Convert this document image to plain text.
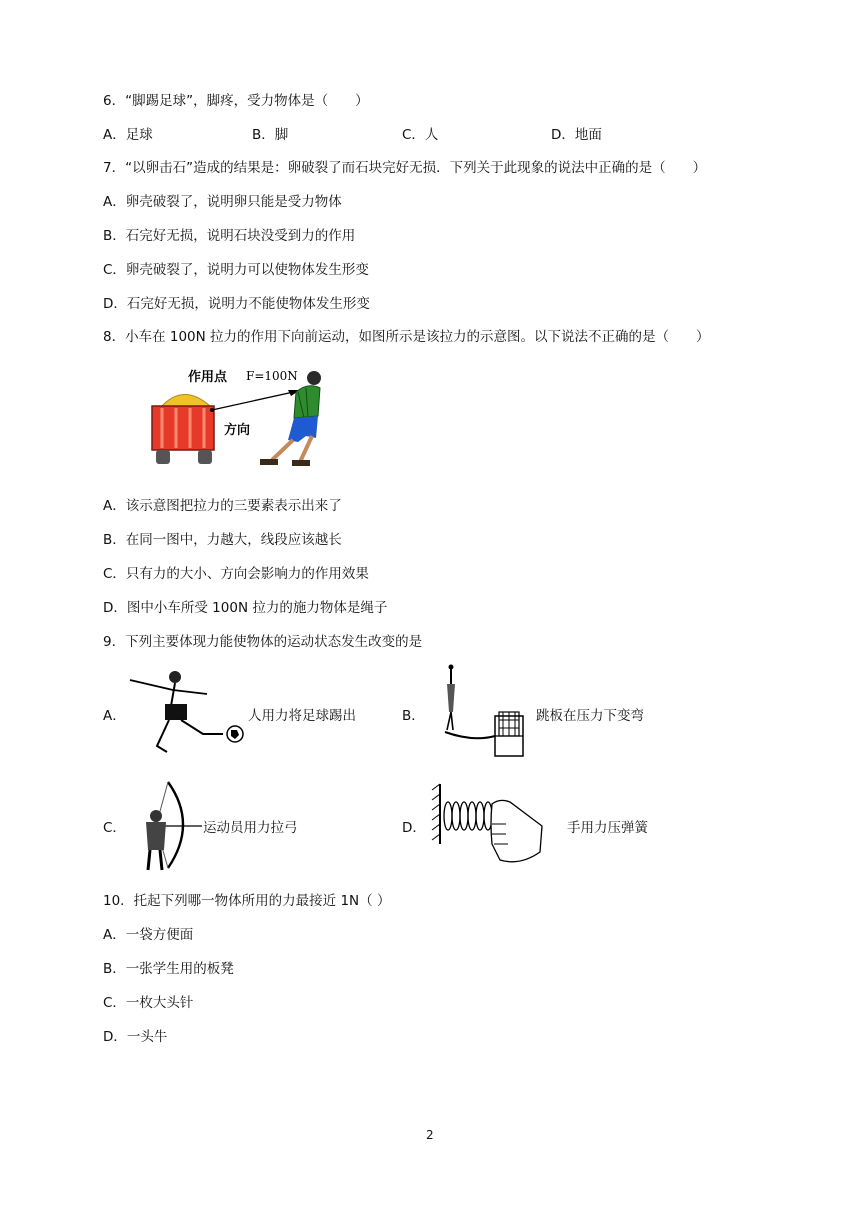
6．“脚踢足球”，脚疼，受力物体是（　　）
A．足球	B．脚	C．人	D．地面
7．“以卵击石”造成的结果是：卵破裂了而石块完好无损．下列关于此现象的说法中正确的是（　　）
A．卵壳破裂了，说明卵只能是受力物体
B．石完好无损，说明石块没受到力的作用
C．卵壳破裂了，说明力可以使物体发生形变
D．石完好无损，说明力不能使物体发生形变
8．小车在 100N 拉力的作用下向前运动，如图所示是该拉力的示意图。以下说法不正确的是（　　）
作用点 F=100N
方向
A．该示意图把拉力的三要素表示出来了
B．在同一图中，力越大，线段应该越长
C．只有力的大小、方向会影响力的作用效果
D．图中小车所受 100N 拉力的施力物体是绳子
9．下列主要体现力能使物体的运动状态发生改变的是
A．	人用力将足球踢出	B．	跳板在压力下变弯
C．	运动员用力拉弓	D．	手用力压弹簧
10．托起下列哪一物体所用的力最接近 1N（ ）
A．一袋方便面
B．一张学生用的板凳
C．一枚大头针
D．一头牛
2
